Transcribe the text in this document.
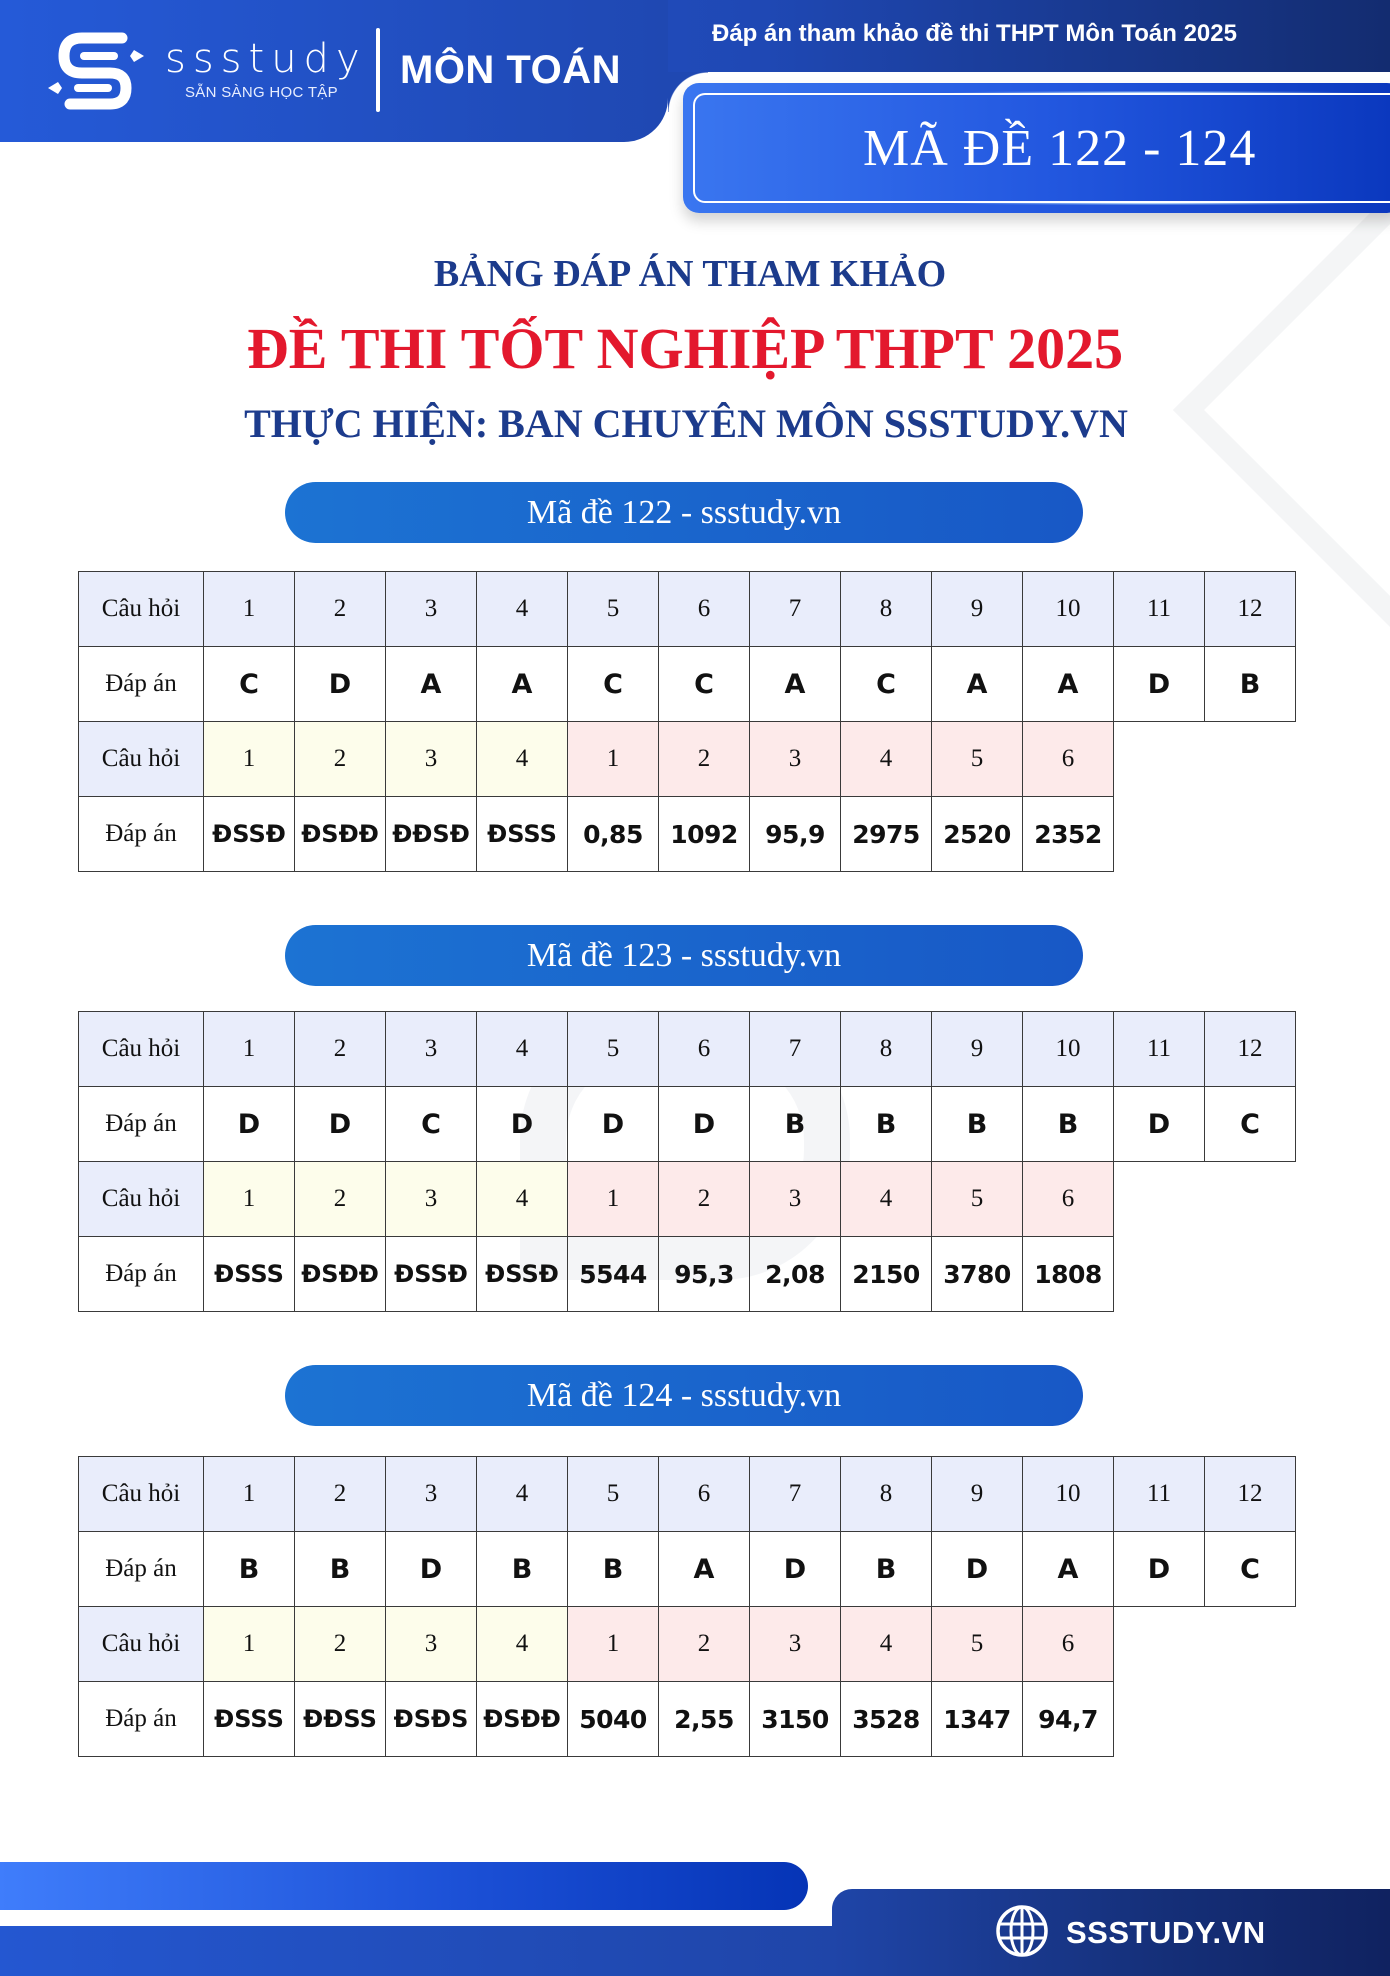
ssstudy
SẴN SÀNG HỌC TẬP
MÔN TOÁN
Đáp án tham khảo đề thi THPT Môn Toán 2025
MÃ ĐỀ 122 - 124
BẢNG ĐÁP ÁN THAM KHẢO
ĐỀ THI TỐT NGHIỆP THPT 2025
THỰC HIỆN: BAN CHUYÊN MÔN SSSTUDY.VN
Mã đề 122 - ssstudy.vn
Câu hỏi	1	2	3	4	5	6	7	8	9	10	11	12
Đáp án	C	D	A	A	C	C	A	C	A	A	D	B
Câu hỏi	1	2	3	4	1	2	3	4	5	6		
Đáp án	ĐSSĐ	ĐSĐĐ	ĐĐSĐ	ĐSSS	0,85	1092	95,9	2975	2520	2352		
Mã đề 123 - ssstudy.vn
Câu hỏi	1	2	3	4	5	6	7	8	9	10	11	12
Đáp án	D	D	C	D	D	D	B	B	B	B	D	C
Câu hỏi	1	2	3	4	1	2	3	4	5	6		
Đáp án	ĐSSS	ĐSĐĐ	ĐSSĐ	ĐSSĐ	5544	95,3	2,08	2150	3780	1808		
Mã đề 124 - ssstudy.vn
Câu hỏi	1	2	3	4	5	6	7	8	9	10	11	12
Đáp án	B	B	D	B	B	A	D	B	D	A	D	C
Câu hỏi	1	2	3	4	1	2	3	4	5	6		
Đáp án	ĐSSS	ĐĐSS	ĐSĐS	ĐSĐĐ	5040	2,55	3150	3528	1347	94,7		
SSSTUDY.VN
